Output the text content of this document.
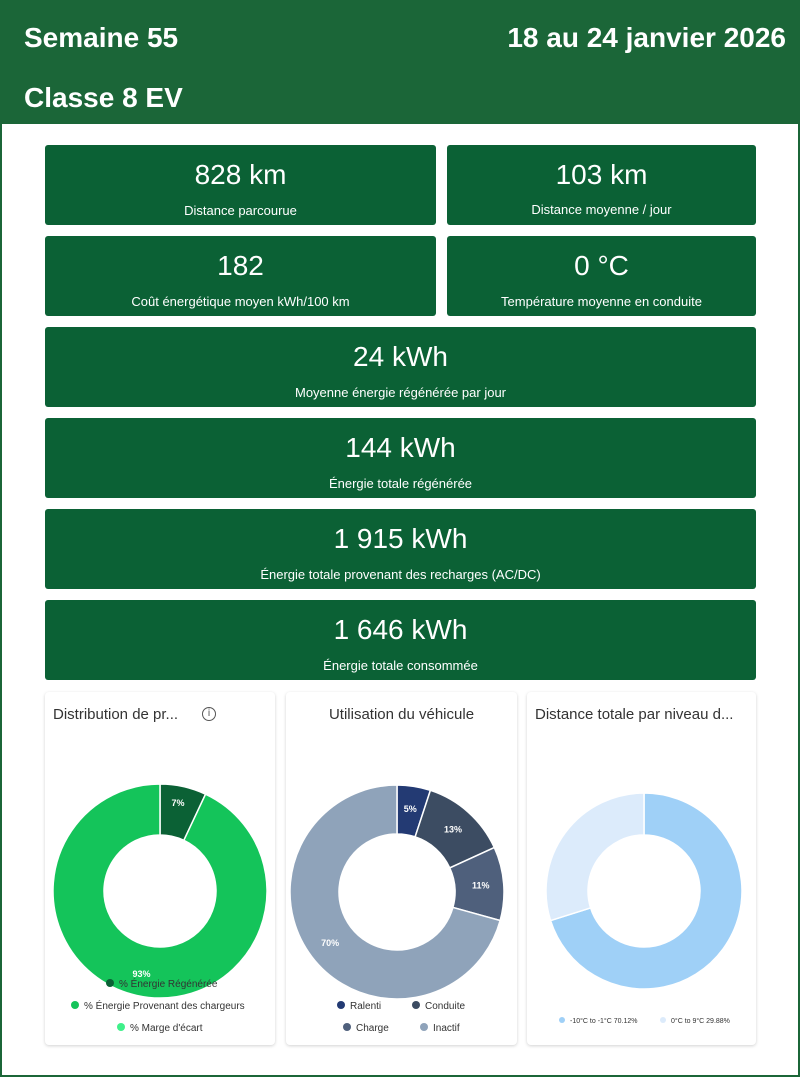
Semaine 55	18 au 24 janvier 2026
Classe 8 EV
828 km
Distance parcourue
103 km
Distance moyenne / jour
182
Coût énergétique moyen kWh/100 km
0 °C
Température moyenne en conduite
24 kWh
Moyenne énergie régénérée par jour
144 kWh
Énergie totale régénérée
1 915 kWh
Énergie totale provenant des recharges (AC/DC)
1 646 kWh
Énergie totale consommée
Distribution de pr...	i
7%
93%
% Énergie Régénérée
% Énergie Provenant des chargeurs
% Marge d'écart
Utilisation du véhicule
5%
13%
11%
70%
Ralenti	Conduite
Charge	Inactif
Distance totale par niveau d...
-10°C to -1°C 70.12%	0°C to 9°C 29.88%
